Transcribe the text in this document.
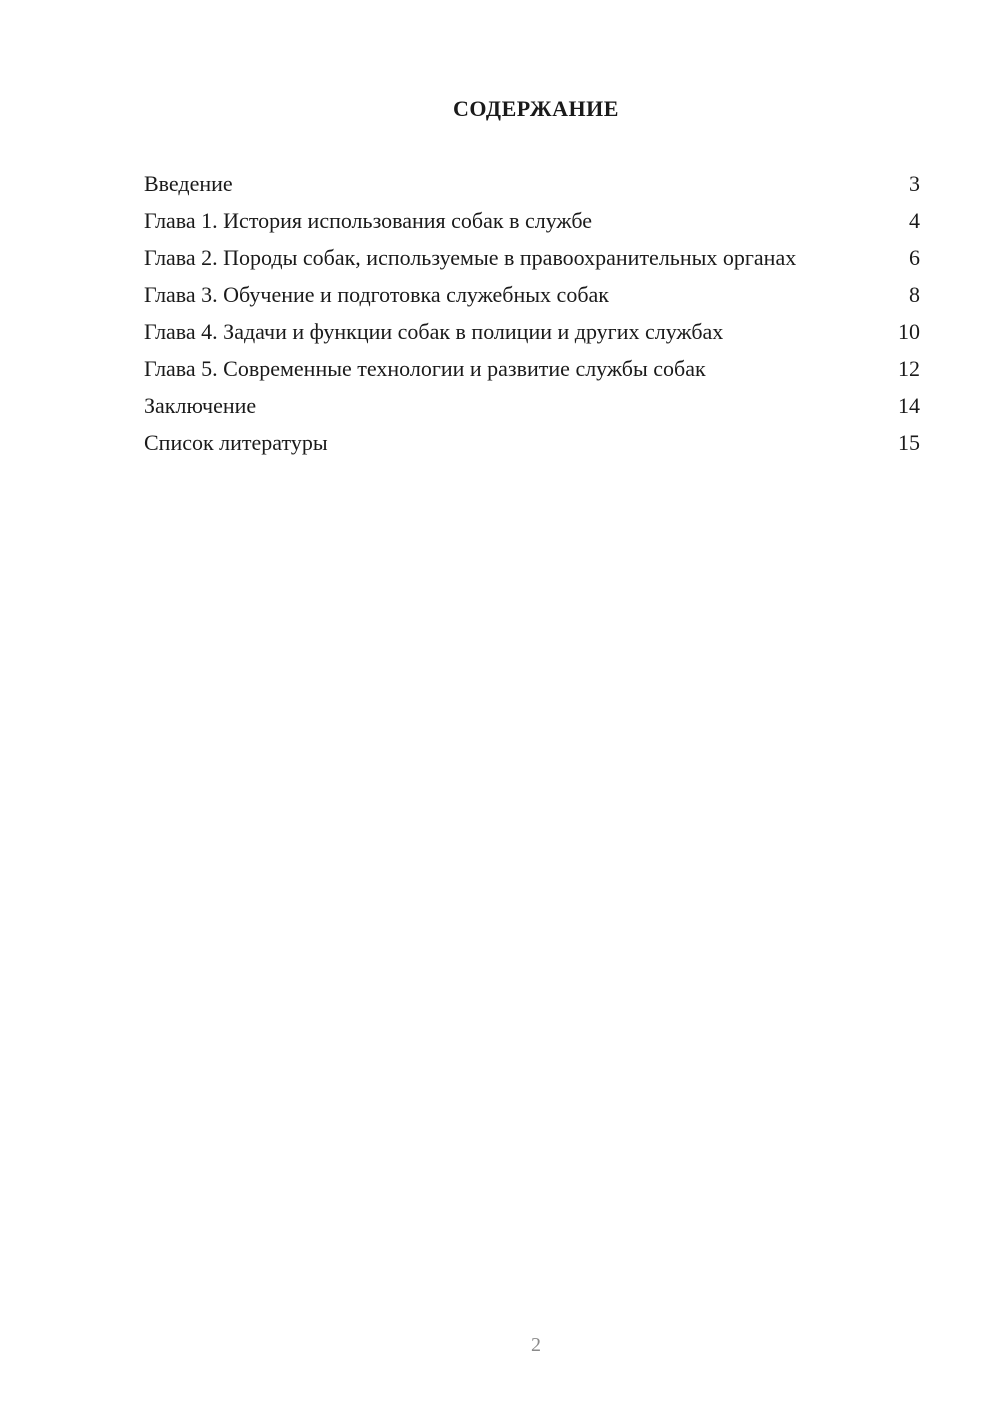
СОДЕРЖАНИЕ
Введение	3
Глава 1. История использования собак в службе	4
Глава 2. Породы собак, используемые в правоохранительных органах	6
Глава 3. Обучение и подготовка служебных собак	8
Глава 4. Задачи и функции собак в полиции и других службах	10
Глава 5. Современные технологии и развитие службы собак	12
Заключение	14
Список литературы	15
2
